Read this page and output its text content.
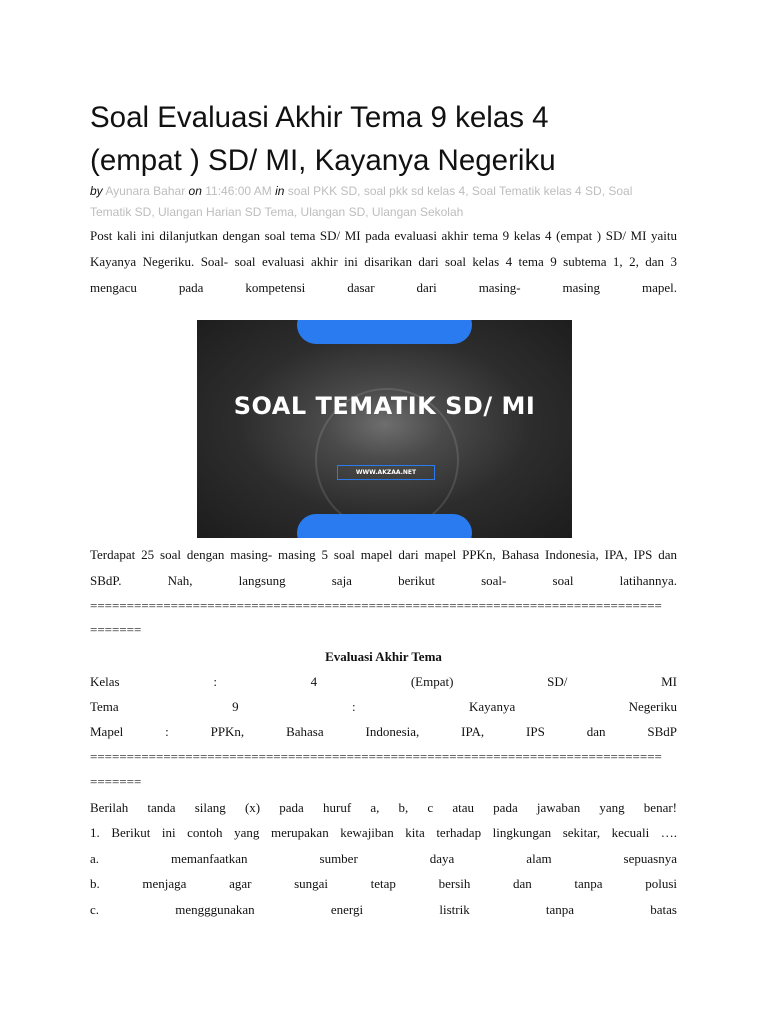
Soal Evaluasi Akhir Tema 9 kelas 4
(empat ) SD/ MI, Kayanya Negeriku
by Ayunara Bahar on 11:46:00 AM in soal PKK SD, soal pkk sd kelas 4, Soal Tematik kelas 4 SD, Soal
Tematik SD, Ulangan Harian SD Tema, Ulangan SD, Ulangan Sekolah
Post kali ini dilanjutkan dengan soal tema SD/ MI pada evaluasi akhir tema 9 kelas 4 (empat ) SD/ MI yaitu
Kayanya Negeriku. Soal- soal evaluasi akhir ini disarikan dari soal kelas 4 tema 9 subtema 1, 2, dan 3
mengacu pada kompetensi dasar dari masing- masing mapel.
SOAL TEMATIK SD/ MI
WWW.AKZAA.NET
Terdapat 25 soal dengan masing- masing 5 soal mapel dari mapel PPKn, Bahasa Indonesia, IPA, IPS dan
SBdP. Nah, langsung saja berikut soal- soal latihannya.
==============================================================================
=======
Evaluasi Akhir Tema
Kelas : 4 (Empat) SD/ MI
Tema 9 : Kayanya Negeriku
Mapel : PPKn, Bahasa Indonesia, IPA, IPS dan SBdP
==============================================================================
=======
Berilah tanda silang (x) pada huruf a, b, c atau pada jawaban yang benar!
1. Berikut ini contoh yang merupakan kewajiban kita terhadap lingkungan sekitar, kecuali ….
a. memanfaatkan sumber daya alam sepuasnya
b. menjaga agar sungai tetap bersih dan tanpa polusi
c. mengggunakan energi listrik tanpa batas
